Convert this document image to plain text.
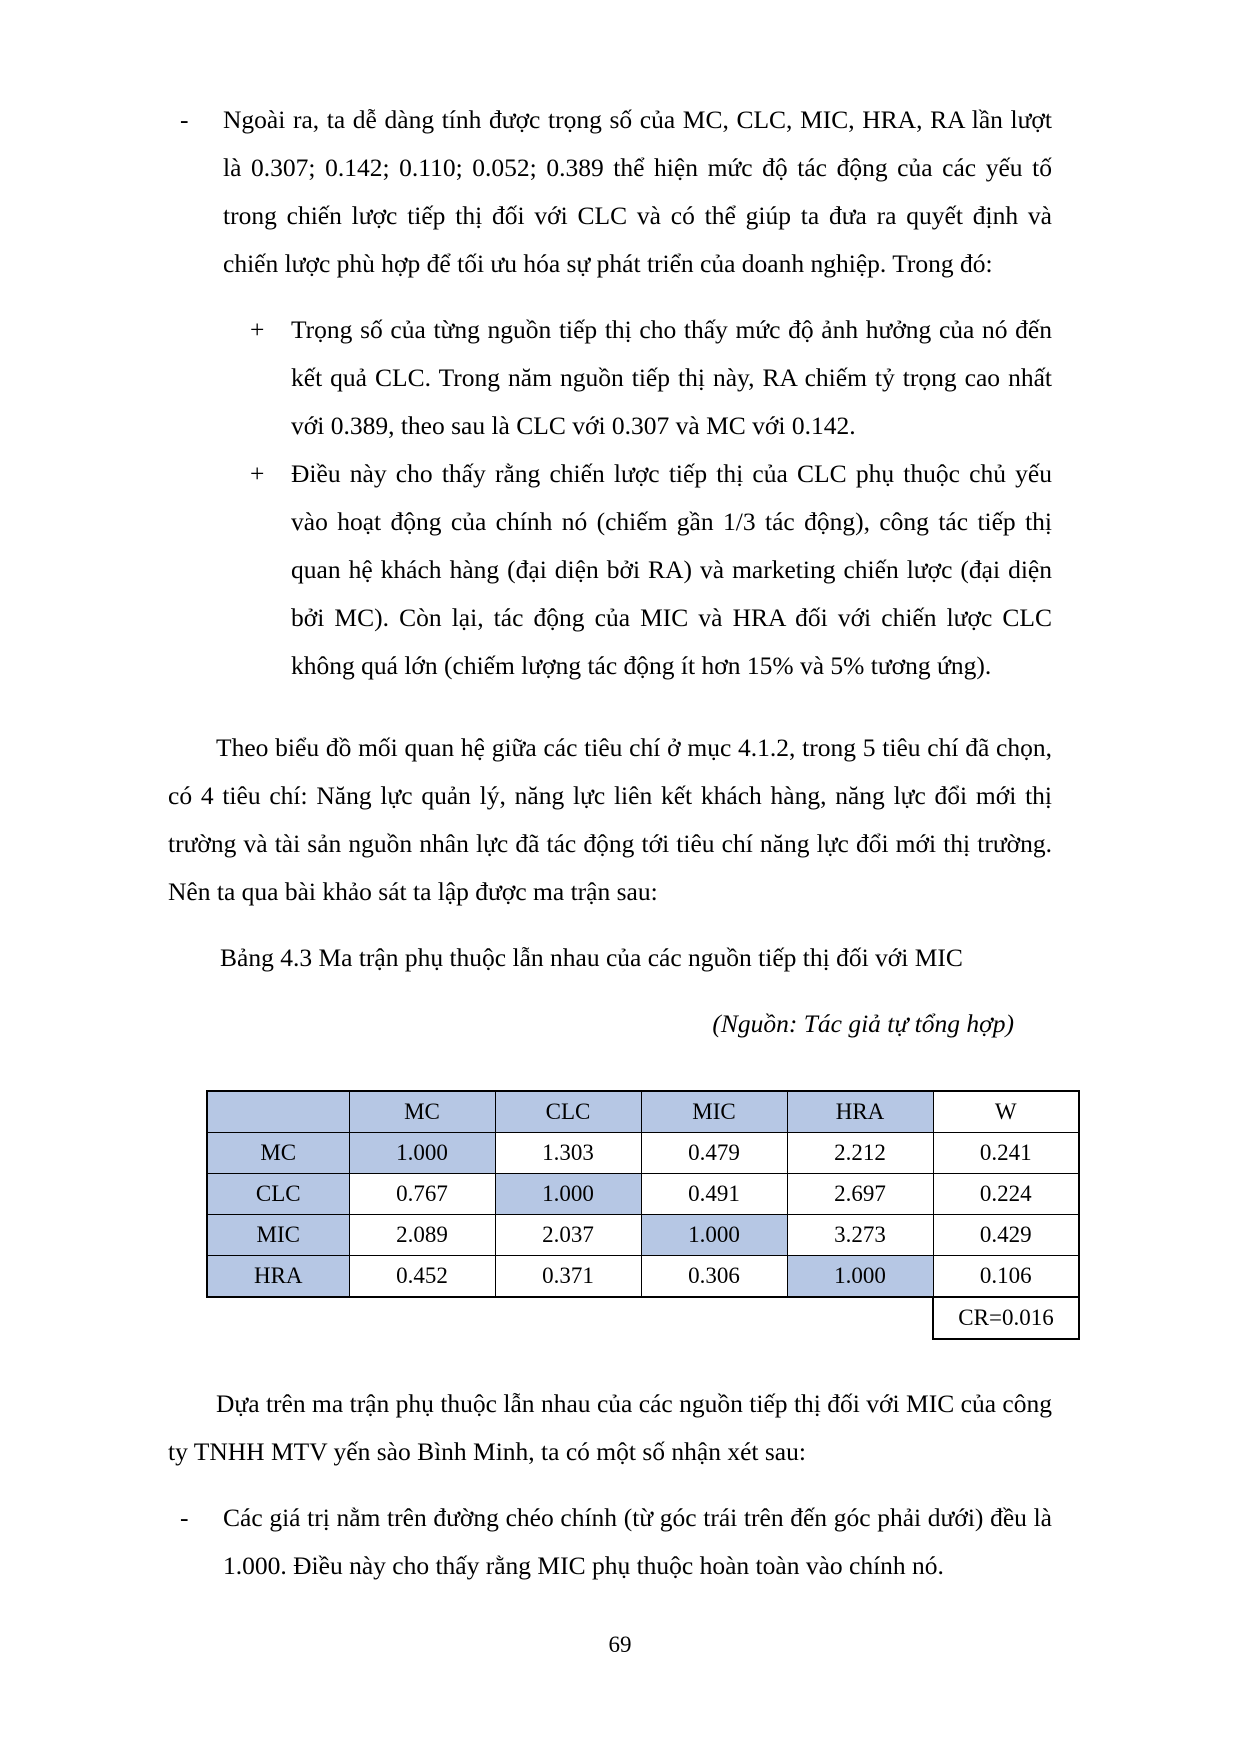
-	Ngoài ra, ta dễ dàng tính được trọng số của MC, CLC, MIC, HRA, RA lần lượt là 0.307; 0.142; 0.110; 0.052; 0.389 thể hiện mức độ tác động của các yếu tố trong chiến lược tiếp thị đối với CLC và có thể giúp ta đưa ra quyết định và chiến lược phù hợp để tối ưu hóa sự phát triển của doanh nghiệp. Trong đó:
+ Trọng số của từng nguồn tiếp thị cho thấy mức độ ảnh hưởng của nó đến kết quả CLC. Trong năm nguồn tiếp thị này, RA chiếm tỷ trọng cao nhất với 0.389, theo sau là CLC với 0.307 và MC với 0.142.
+ Điều này cho thấy rằng chiến lược tiếp thị của CLC phụ thuộc chủ yếu vào hoạt động của chính nó (chiếm gần 1/3 tác động), công tác tiếp thị quan hệ khách hàng (đại diện bởi RA) và marketing chiến lược (đại diện bởi MC). Còn lại, tác động của MIC và HRA đối với chiến lược CLC không quá lớn (chiếm lượng tác động ít hơn 15% và 5% tương ứng).

Theo biểu đồ mối quan hệ giữa các tiêu chí ở mục 4.1.2, trong 5 tiêu chí đã chọn, có 4 tiêu chí: Năng lực quản lý, năng lực liên kết khách hàng, năng lực đổi mới thị trường và tài sản nguồn nhân lực đã tác động tới tiêu chí năng lực đổi mới thị trường. Nên ta qua bài khảo sát ta lập được ma trận sau:

Bảng 4.3 Ma trận phụ thuộc lẫn nhau của các nguồn tiếp thị đối với MIC

(Nguồn: Tác giả tự tổng hợp)

	MC	CLC	MIC	HRA	W
MC	1.000	1.303	0.479	2.212	0.241
CLC	0.767	1.000	0.491	2.697	0.224
MIC	2.089	2.037	1.000	3.273	0.429
HRA	0.452	0.371	0.306	1.000	0.106
					CR=0.016

Dựa trên ma trận phụ thuộc lẫn nhau của các nguồn tiếp thị đối với MIC của công ty TNHH MTV yến sào Bình Minh, ta có một số nhận xét sau:

-	Các giá trị nằm trên đường chéo chính (từ góc trái trên đến góc phải dưới) đều là 1.000. Điều này cho thấy rằng MIC phụ thuộc hoàn toàn vào chính nó.
69
